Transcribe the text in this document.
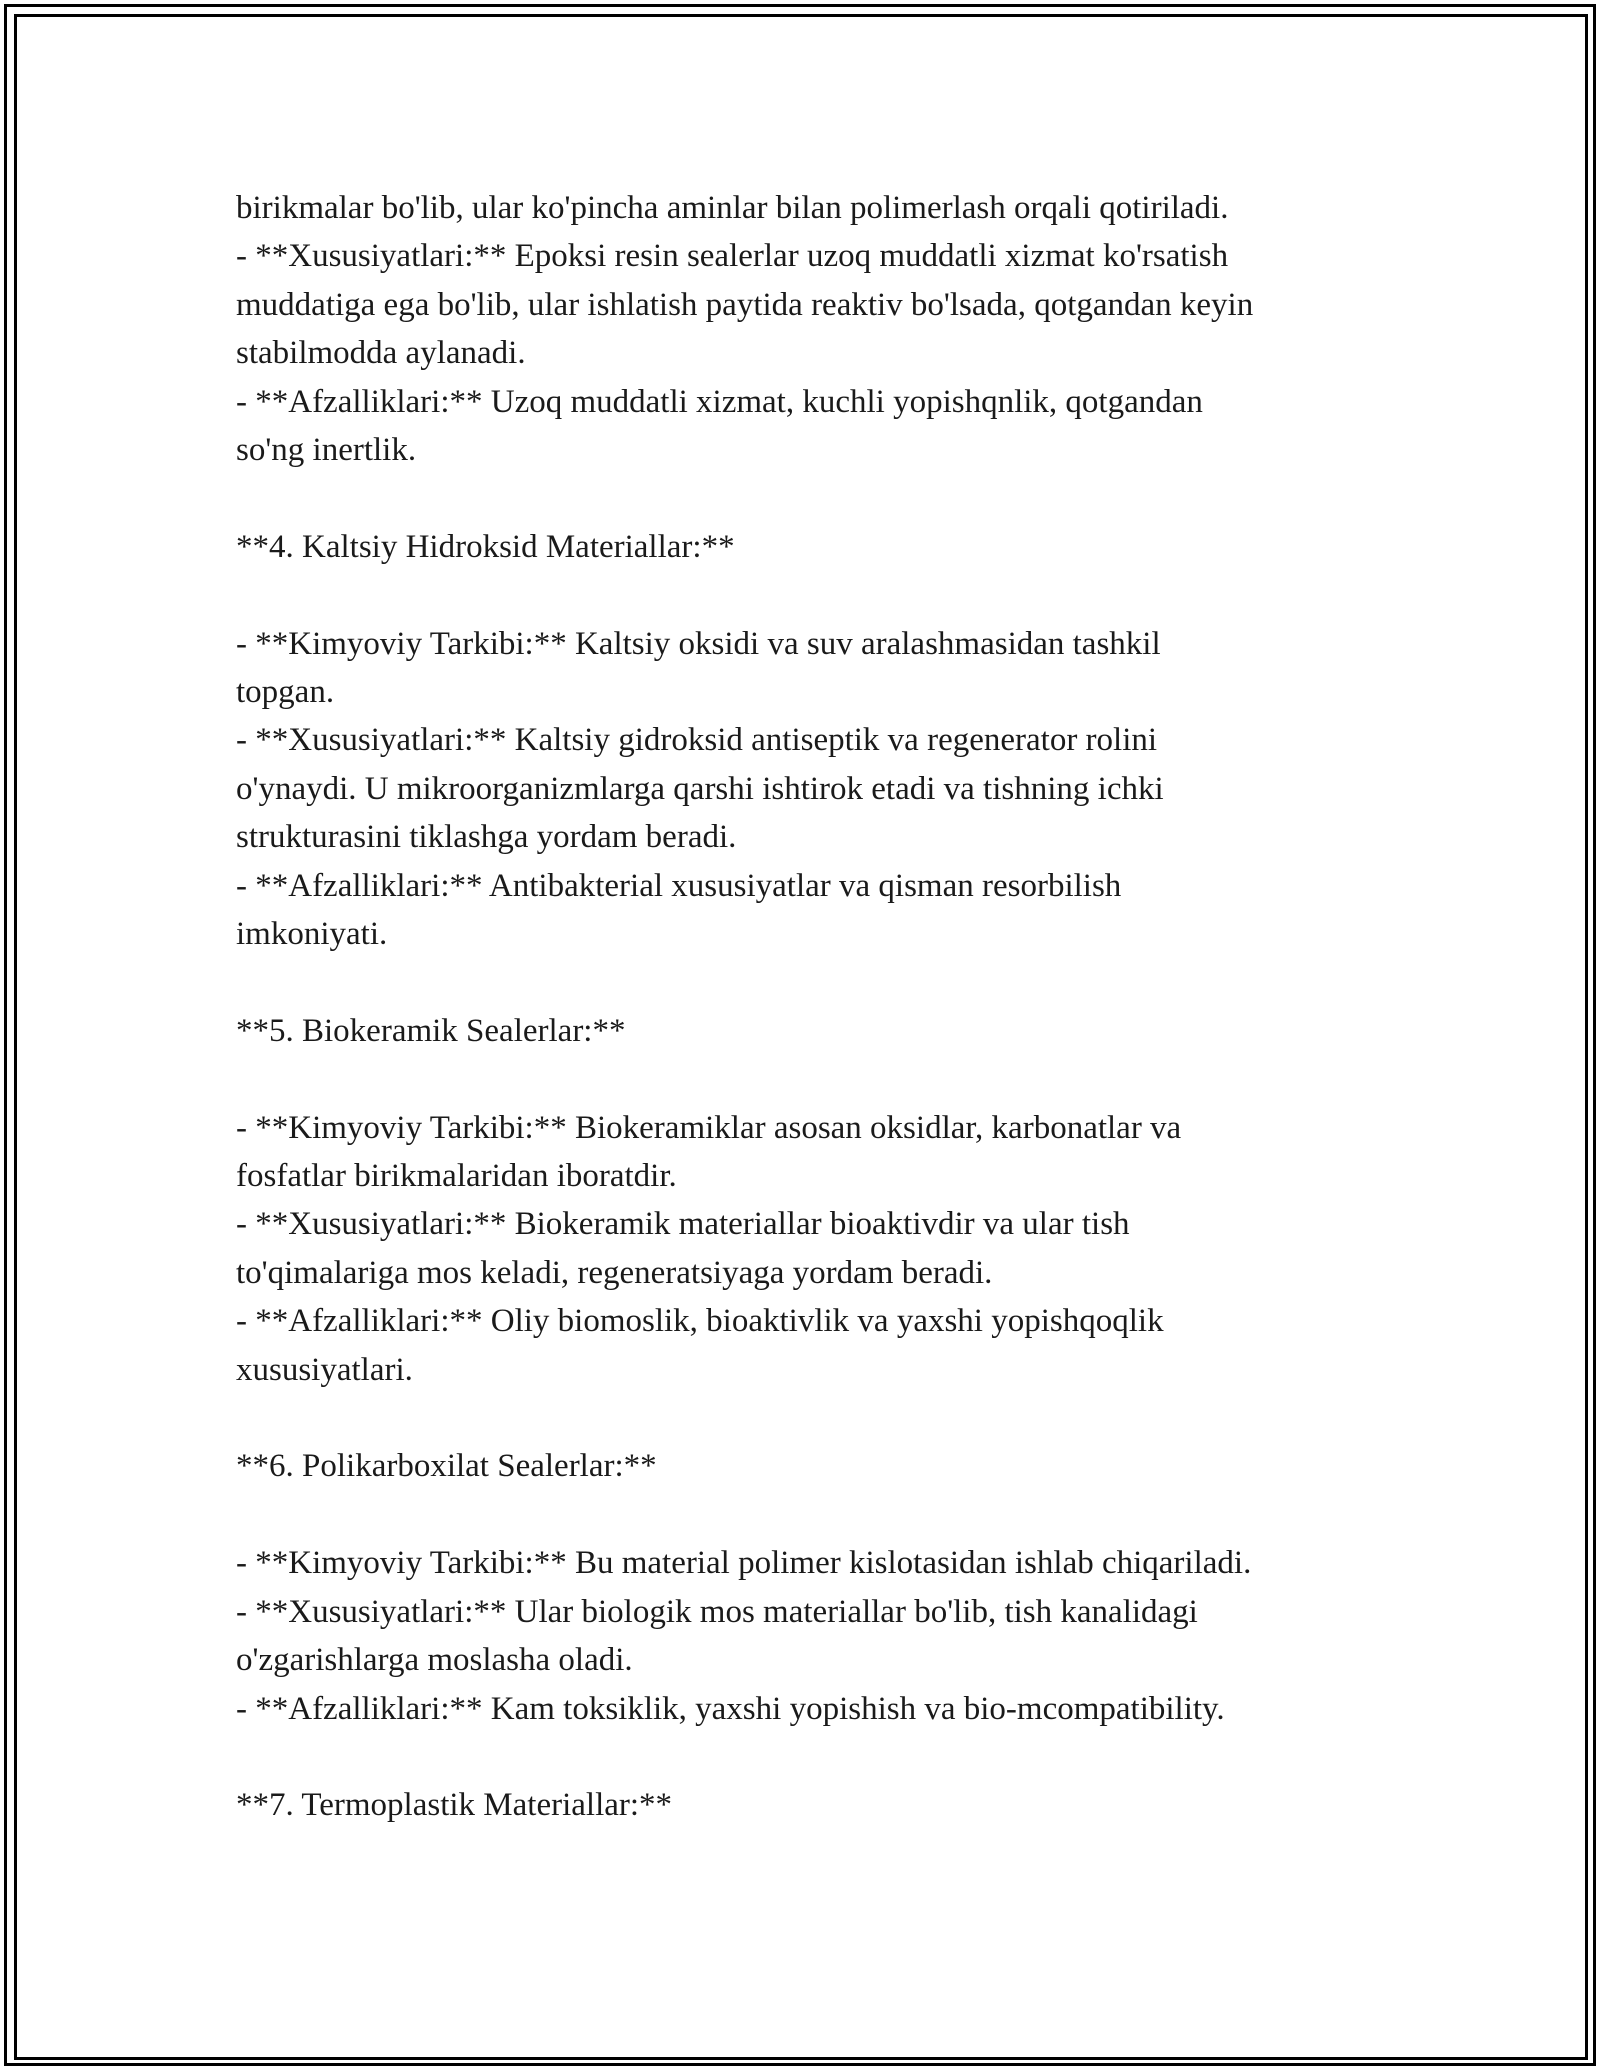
birikmalar bo'lib, ular ko'pincha aminlar bilan polimerlash orqali qotiriladi.
- **Xususiyatlari:** Epoksi resin sealerlar uzoq muddatli xizmat ko'rsatish
muddatiga ega bo'lib, ular ishlatish paytida reaktiv bo'lsada, qotgandan keyin
stabilmodda aylanadi.
- **Afzalliklari:** Uzoq muddatli xizmat, kuchli yopishqnlik, qotgandan
so'ng inertlik.
**4. Kaltsiy Hidroksid Materiallar:**
- **Kimyoviy Tarkibi:** Kaltsiy oksidi va suv aralashmasidan tashkil
topgan.
- **Xususiyatlari:** Kaltsiy gidroksid antiseptik va regenerator rolini
o'ynaydi. U mikroorganizmlarga qarshi ishtirok etadi va tishning ichki
strukturasini tiklashga yordam beradi.
- **Afzalliklari:** Antibakterial xususiyatlar va qisman resorbilish
imkoniyati.
**5. Biokeramik Sealerlar:**
- **Kimyoviy Tarkibi:** Biokeramiklar asosan oksidlar, karbonatlar va
fosfatlar birikmalaridan iboratdir.
- **Xususiyatlari:** Biokeramik materiallar bioaktivdir va ular tish
to'qimalariga mos keladi, regeneratsiyaga yordam beradi.
- **Afzalliklari:** Oliy biomoslik, bioaktivlik va yaxshi yopishqoqlik
xususiyatlari.
**6. Polikarboxilat Sealerlar:**
- **Kimyoviy Tarkibi:** Bu material polimer kislotasidan ishlab chiqariladi.
- **Xususiyatlari:** Ular biologik mos materiallar bo'lib, tish kanalidagi
o'zgarishlarga moslasha oladi.
- **Afzalliklari:** Kam toksiklik, yaxshi yopishish va bio-mcompatibility.
**7. Termoplastik Materiallar:**
